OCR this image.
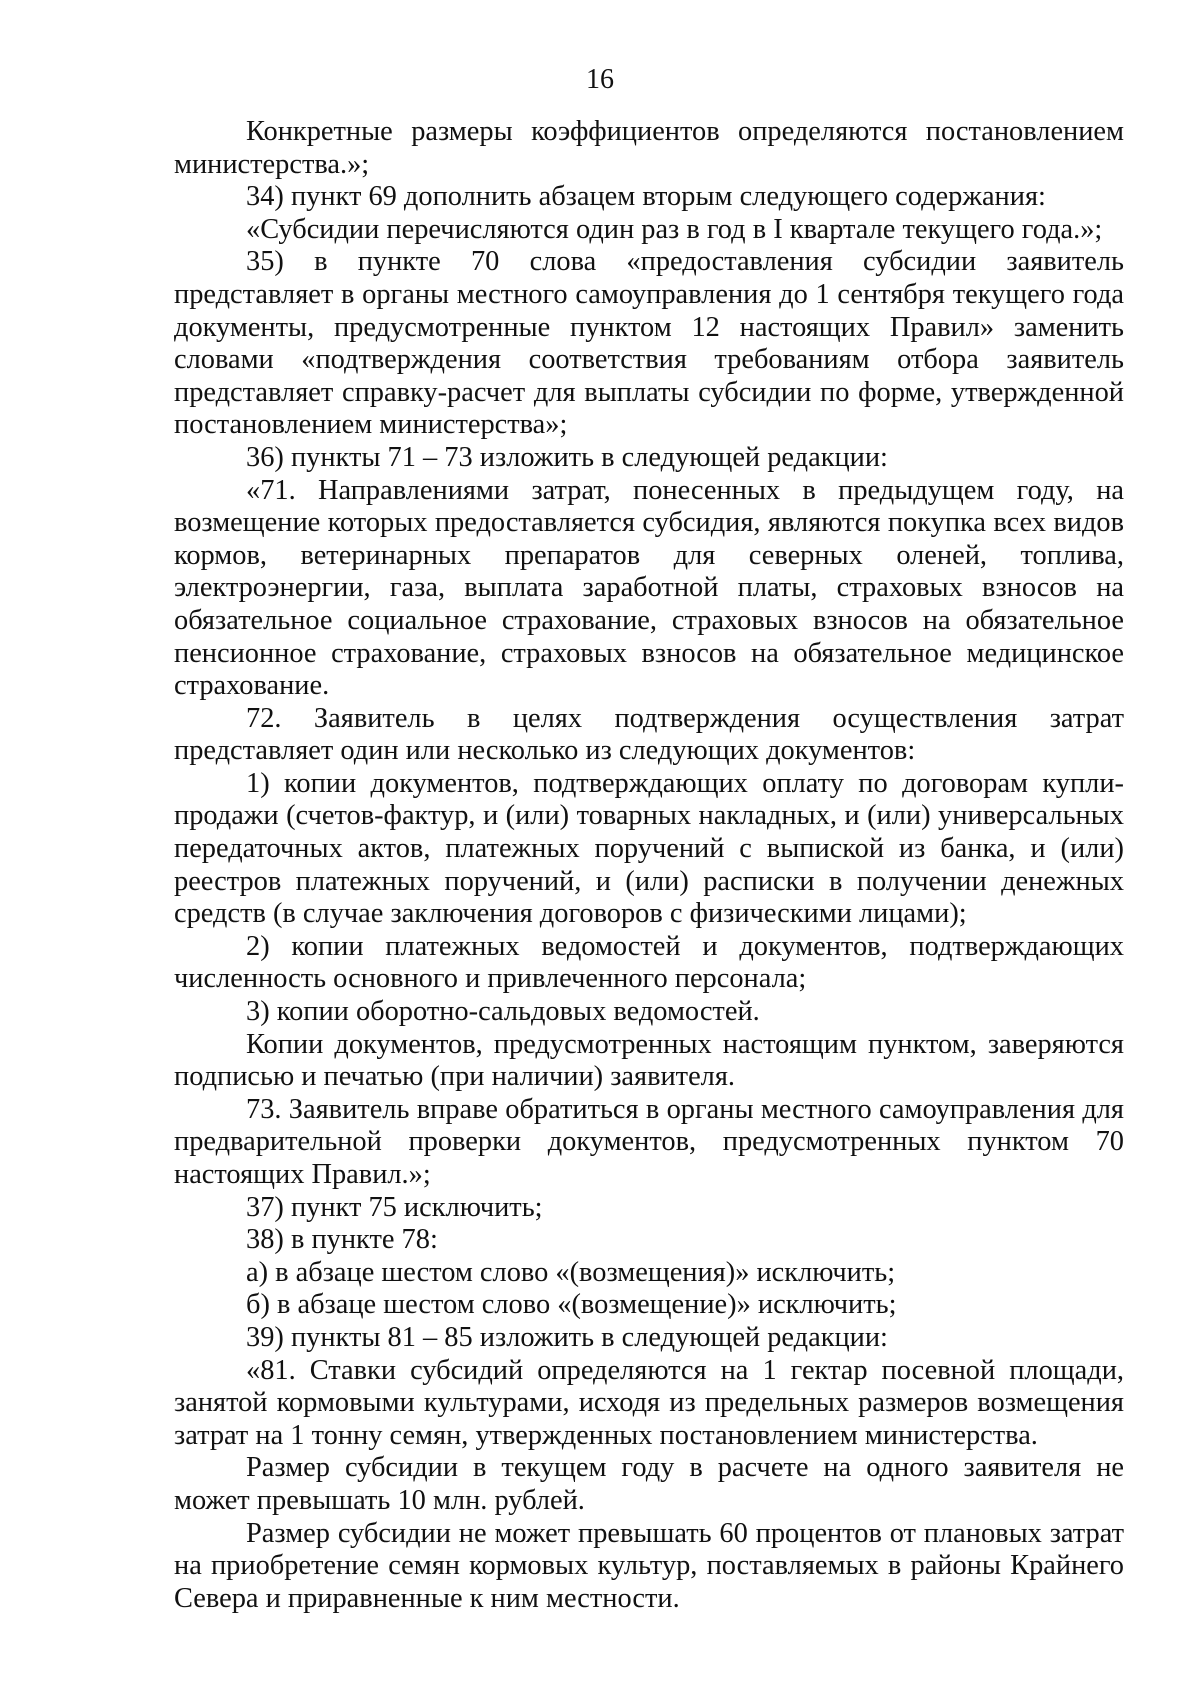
16

Конкретные размеры коэффициентов определяются постановлением министерства.»;

34) пункт 69 дополнить абзацем вторым следующего содержания:

«Субсидии перечисляются один раз в год в I квартале текущего года.»;

35) в пункте 70 слова «предоставления субсидии заявитель представляет в органы местного самоуправления до 1 сентября текущего года документы, предусмотренные пунктом 12 настоящих Правил» заменить словами «подтверждения соответствия требованиям отбора заявитель представляет справку-расчет для выплаты субсидии по форме, утвержденной постановлением министерства»;

36) пункты 71 – 73 изложить в следующей редакции:

«71. Направлениями затрат, понесенных в предыдущем году, на возмещение которых предоставляется субсидия, являются покупка всех видов кормов, ветеринарных препаратов для северных оленей, топлива, электроэнергии, газа, выплата заработной платы, страховых взносов на обязательное социальное страхование, страховых взносов на обязательное пенсионное страхование, страховых взносов на обязательное медицинское страхование.

72. Заявитель в целях подтверждения осуществления затрат представляет один или несколько из следующих документов:

1) копии документов, подтверждающих оплату по договорам купли-продажи (счетов-фактур, и (или) товарных накладных, и (или) универсальных передаточных актов, платежных поручений с выпиской из банка, и (или) реестров платежных поручений, и (или) расписки в получении денежных средств (в случае заключения договоров с физическими лицами);

2) копии платежных ведомостей и документов, подтверждающих численность основного и привлеченного персонала;

3) копии оборотно-сальдовых ведомостей.

Копии документов, предусмотренных настоящим пунктом, заверяются подписью и печатью (при наличии) заявителя.

73. Заявитель вправе обратиться в органы местного самоуправления для предварительной проверки документов, предусмотренных пунктом 70 настоящих Правил.»;

37) пункт 75 исключить;

38) в пункте 78:

а) в абзаце шестом слово «(возмещения)» исключить;

б) в абзаце шестом слово «(возмещение)» исключить;

39) пункты 81 – 85 изложить в следующей редакции:

«81. Ставки субсидий определяются на 1 гектар посевной площади, занятой кормовыми культурами, исходя из предельных размеров возмещения затрат на 1 тонну семян, утвержденных постановлением министерства.

Размер субсидии в текущем году в расчете на одного заявителя не может превышать 10 млн. рублей.

Размер субсидии не может превышать 60 процентов от плановых затрат на приобретение семян кормовых культур, поставляемых в районы Крайнего Севера и приравненные к ним местности.
